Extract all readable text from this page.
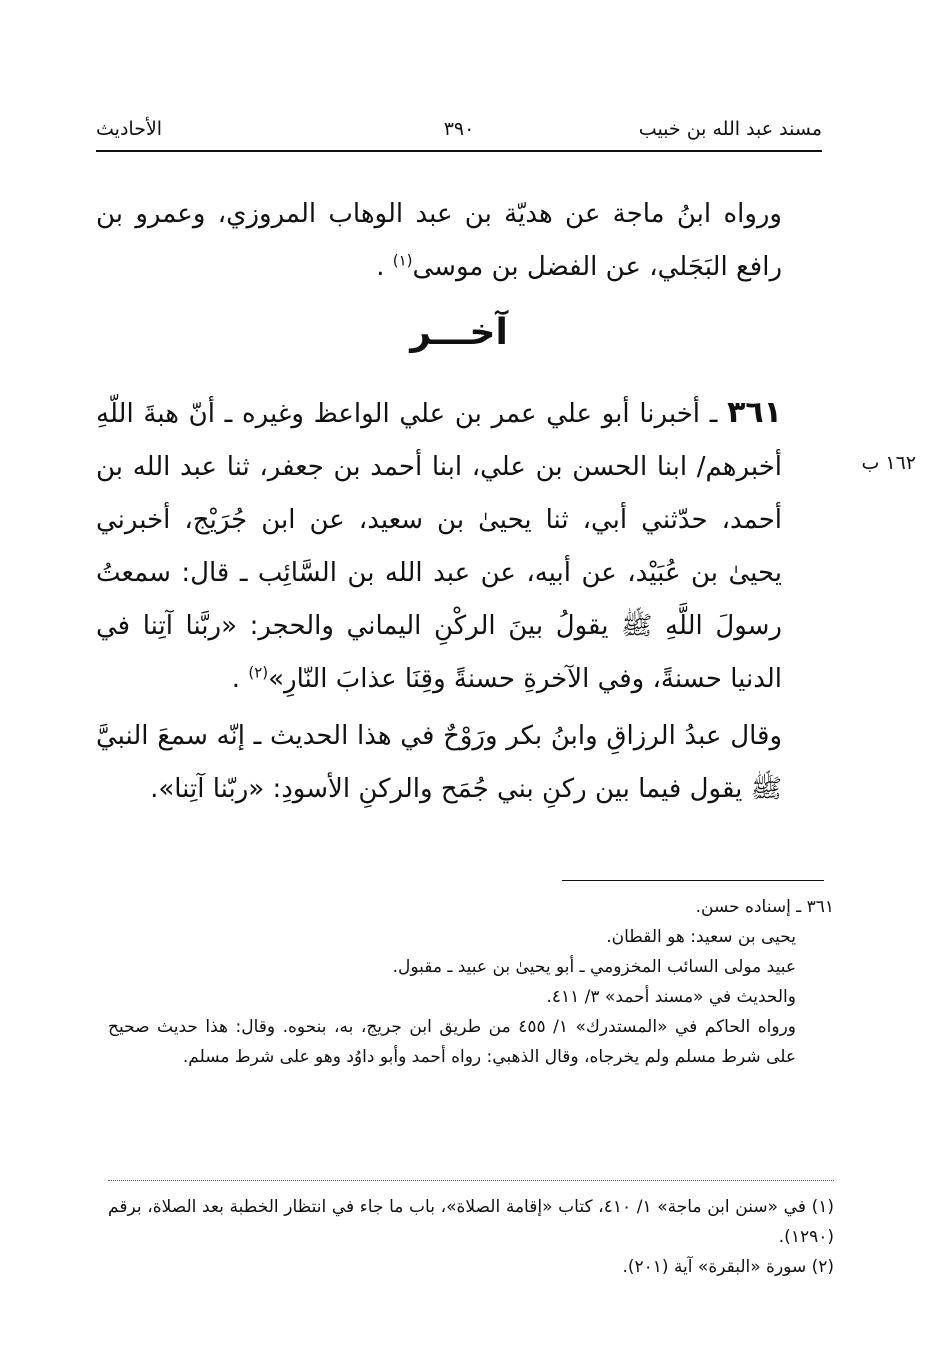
مسند عبد الله بن خبيب
٣٩٠
الأحاديث

ورواه ابنُ ماجة عن هديّة بن عبد الوهاب المروزي، وعمرو بن رافع البَجَلي، عن الفضل بن موسى$^{(١)}$ .

آخـــر

٣٦١ ـ أخبرنا أبو علي عمر بن علي الواعظ وغيره ـ أنّ هبةَ اللّهِ أخبرهم/ ابنا الحسن بن علي، ابنا أحمد بن جعفر، ثنا عبد الله بن أحمد، حدّثني أبي، ثنا يحيىٰ بن سعيد، عن ابن جُرَيْج، أخبرني يحيىٰ بن عُبَيْد، عن أبيه، عن عبد الله بن السَّائِب ـ قال: سمعتُ رسولَ اللَّهِ ﷺ يقولُ بينَ الركْنِ اليماني والحجر: «ربَّنا آتِنا في الدنيا حسنةً، وفي الآخرةِ حسنةً وقِنَا عذابَ النّارِ»$^{(٢)}$ .

١٦٢ ب

وقال عبدُ الرزاقِ وابنُ بكر ورَوْحٌ في هذا الحديث ـ إنّه سمعَ النبيَّ ﷺ يقول فيما بين ركنِ بني جُمَح والركنِ الأسودِ: «ربّنا آتِنا».

٣٦١ ـ إسناده حسن.

يحيى بن سعيد: هو القطان.

عبيد مولى السائب المخزومي ـ أبو يحيىٰ بن عبيد ـ مقبول.

والحديث في «مسند أحمد» ٣/ ٤١١.

ورواه الحاكم في «المستدرك» ١/ ٤٥٥ من طريق ابن جريج، به، بنحوه. وقال: هذا حديث صحيح على شرط مسلم ولم يخرجاه، وقال الذهبي: رواه أحمد وأبو داوُد وهو على شرط مسلم.

(١) في «سنن ابن ماجة» ١/ ٤١٠، كتاب «إقامة الصلاة»، باب ما جاء في انتظار الخطبة بعد الصلاة، برقم (١٢٩٠).

(٢) سورة «البقرة» آية (٢٠١).
